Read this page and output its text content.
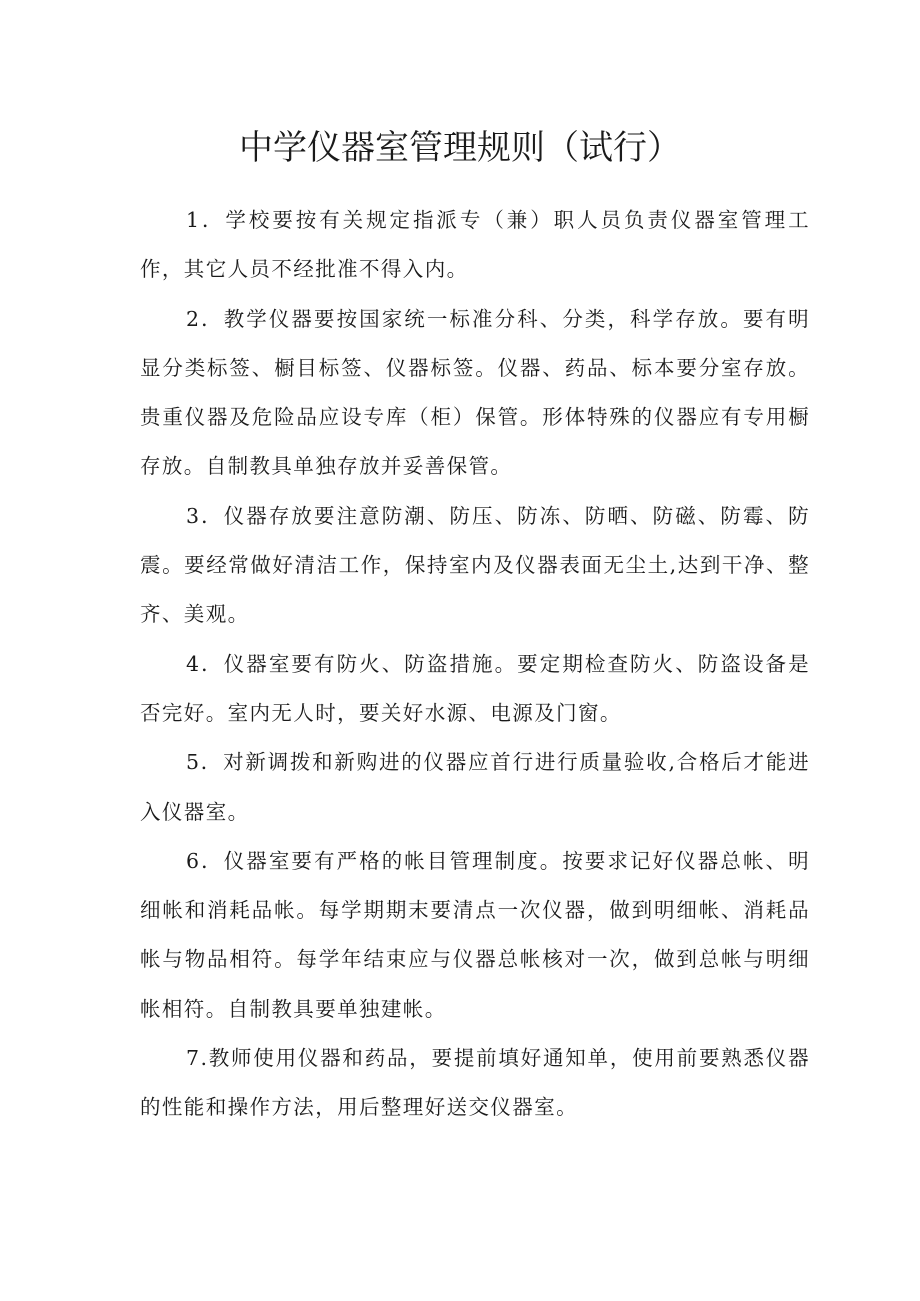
中学仪器室管理规则（试行）

1．学校要按有关规定指派专（兼）职人员负责仪器室管理工作，其它人员不经批准不得入内。

2．教学仪器要按国家统一标准分科、分类，科学存放。要有明显分类标签、橱目标签、仪器标签。仪器、药品、标本要分室存放。贵重仪器及危险品应设专库（柜）保管。形体特殊的仪器应有专用橱存放。自制教具单独存放并妥善保管。

3．仪器存放要注意防潮、防压、防冻、防晒、防磁、防霉、防震。要经常做好清洁工作，保持室内及仪器表面无尘土,达到干净、整齐、美观。

4．仪器室要有防火、防盗措施。要定期检查防火、防盗设备是否完好。室内无人时，要关好水源、电源及门窗。

5．对新调拨和新购进的仪器应首行进行质量验收,合格后才能进入仪器室。

6．仪器室要有严格的帐目管理制度。按要求记好仪器总帐、明细帐和消耗品帐。每学期期末要清点一次仪器，做到明细帐、消耗品帐与物品相符。每学年结束应与仪器总帐核对一次，做到总帐与明细帐相符。自制教具要单独建帐。

7.教师使用仪器和药品，要提前填好通知单，使用前要熟悉仪器的性能和操作方法，用后整理好送交仪器室。
